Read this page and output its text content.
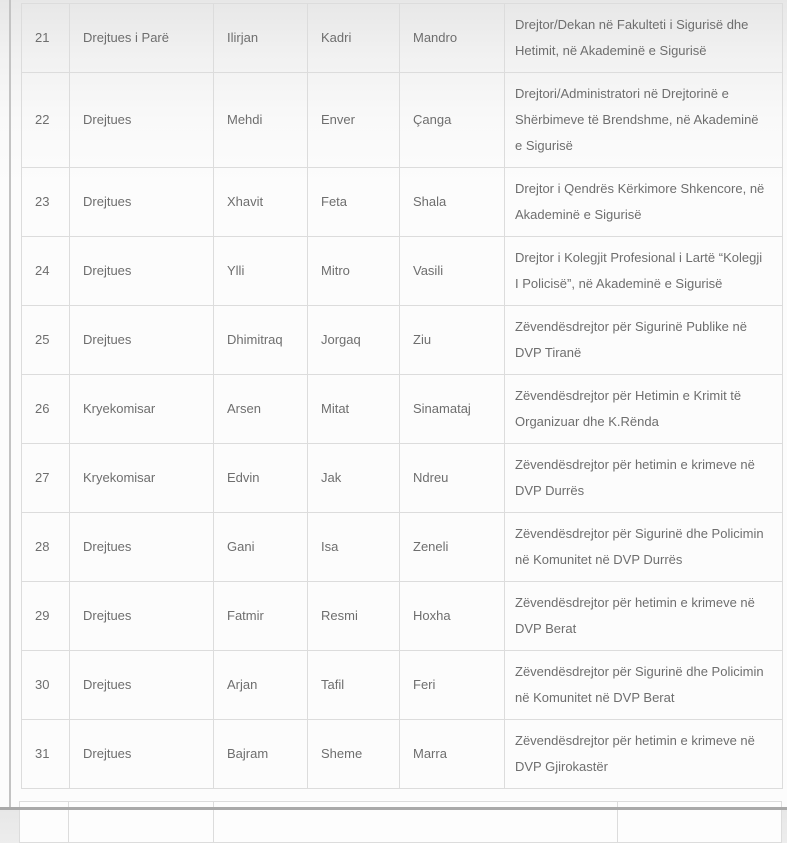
21	Drejtues i Parë	Ilirjan	Kadri	Mandro	Drejtor/Dekan në Fakulteti i Sigurisë dhe Hetimit, në Akademinë e Sigurisë
22	Drejtues	Mehdi	Enver	Çanga	Drejtori/Administratori në Drejtorinë e Shërbimeve të Brendshme, në Akademinë e Sigurisë
23	Drejtues	Xhavit	Feta	Shala	Drejtor i Qendrës Kërkimore Shkencore, në Akademinë e Sigurisë
24	Drejtues	Ylli	Mitro	Vasili	Drejtor i Kolegjit Profesional i Lartë “Kolegji I Policisë”, në Akademinë e Sigurisë
25	Drejtues	Dhimitraq	Jorgaq	Ziu	Zëvendësdrejtor për Sigurinë Publike në DVP Tiranë
26	Kryekomisar	Arsen	Mitat	Sinamataj	Zëvendësdrejtor për Hetimin e Krimit të Organizuar dhe K.Rënda
27	Kryekomisar	Edvin	Jak	Ndreu	Zëvendësdrejtor për hetimin e krimeve në DVP Durrës
28	Drejtues	Gani	Isa	Zeneli	Zëvendësdrejtor për Sigurinë dhe Policimin në Komunitet në DVP Durrës
29	Drejtues	Fatmir	Resmi	Hoxha	Zëvendësdrejtor për hetimin e krimeve në DVP Berat
30	Drejtues	Arjan	Tafil	Feri	Zëvendësdrejtor për Sigurinë dhe Policimin në Komunitet në DVP Berat
31	Drejtues	Bajram	Sheme	Marra	Zëvendësdrejtor për hetimin e krimeve në DVP Gjirokastër
